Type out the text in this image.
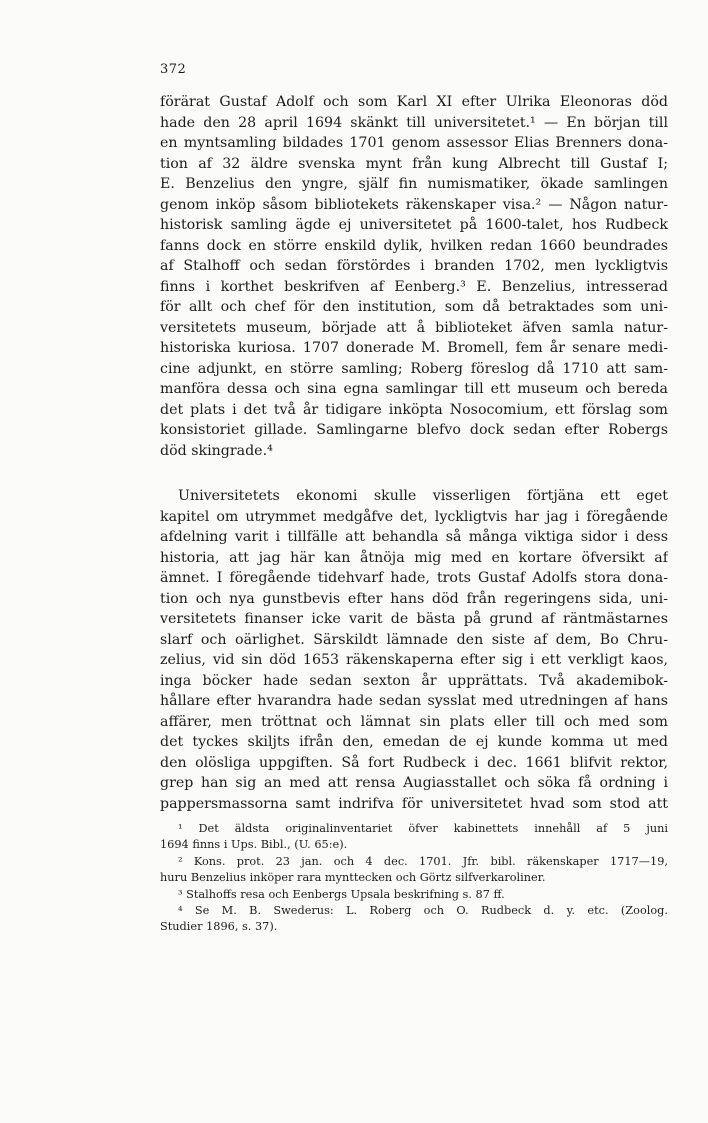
372
förärat Gustaf Adolf och som Karl XI efter Ulrika Eleonoras död
hade den 28 april 1694 skänkt till universitetet.¹ — En början till
en myntsamling bildades 1701 genom assessor Elias Brenners dona-
tion af 32 äldre svenska mynt från kung Albrecht till Gustaf I;
E. Benzelius den yngre, själf fin numismatiker, ökade samlingen
genom inköp såsom bibliotekets räkenskaper visa.² — Någon natur-
historisk samling ägde ej universitetet på 1600-talet, hos Rudbeck
fanns dock en större enskild dylik, hvilken redan 1660 beundrades
af Stalhoff och sedan förstördes i branden 1702, men lyckligtvis
finns i korthet beskrifven af Eenberg.³ E. Benzelius, intresserad
för allt och chef för den institution, som då betraktades som uni-
versitetets museum, började att å biblioteket äfven samla natur-
historiska kuriosa. 1707 donerade M. Bromell, fem år senare medi-
cine adjunkt, en större samling; Roberg föreslog då 1710 att sam-
manföra dessa och sina egna samlingar till ett museum och bereda
det plats i det två år tidigare inköpta Nosocomium, ett förslag som
konsistoriet gillade. Samlingarne blefvo dock sedan efter Robergs
död skingrade.⁴
Universitetets ekonomi skulle visserligen förtjäna ett eget
kapitel om utrymmet medgåfve det, lyckligtvis har jag i föregående
afdelning varit i tillfälle att behandla så många viktiga sidor i dess
historia, att jag här kan åtnöja mig med en kortare öfversikt af
ämnet. I föregående tidehvarf hade, trots Gustaf Adolfs stora dona-
tion och nya gunstbevis efter hans död från regeringens sida, uni-
versitetets finanser icke varit de bästa på grund af räntmästarnes
slarf och oärlighet. Särskildt lämnade den siste af dem, Bo Chru-
zelius, vid sin död 1653 räkenskaperna efter sig i ett verkligt kaos,
inga böcker hade sedan sexton år upprättats. Två akademibok-
hållare efter hvarandra hade sedan sysslat med utredningen af hans
affärer, men tröttnat och lämnat sin plats eller till och med som
det tyckes skiljts ifrån den, emedan de ej kunde komma ut med
den olösliga uppgiften. Så fort Rudbeck i dec. 1661 blifvit rektor,
grep han sig an med att rensa Augiasstallet och söka få ordning i
pappersmassorna samt indrifva för universitetet hvad som stod att
¹ Det äldsta originalinventariet öfver kabinettets innehåll af 5 juni
1694 finns i Ups. Bibl., (U. 65:e).
² Kons. prot. 23 jan. och 4 dec. 1701. Jfr. bibl. räkenskaper 1717—19,
huru Benzelius inköper rara mynttecken och Görtz silfverkaroliner.
³ Stalhoffs resa och Eenbergs Upsala beskrifning s. 87 ff.
⁴ Se M. B. Swederus: L. Roberg och O. Rudbeck d. y. etc. (Zoolog.
Studier 1896, s. 37).
